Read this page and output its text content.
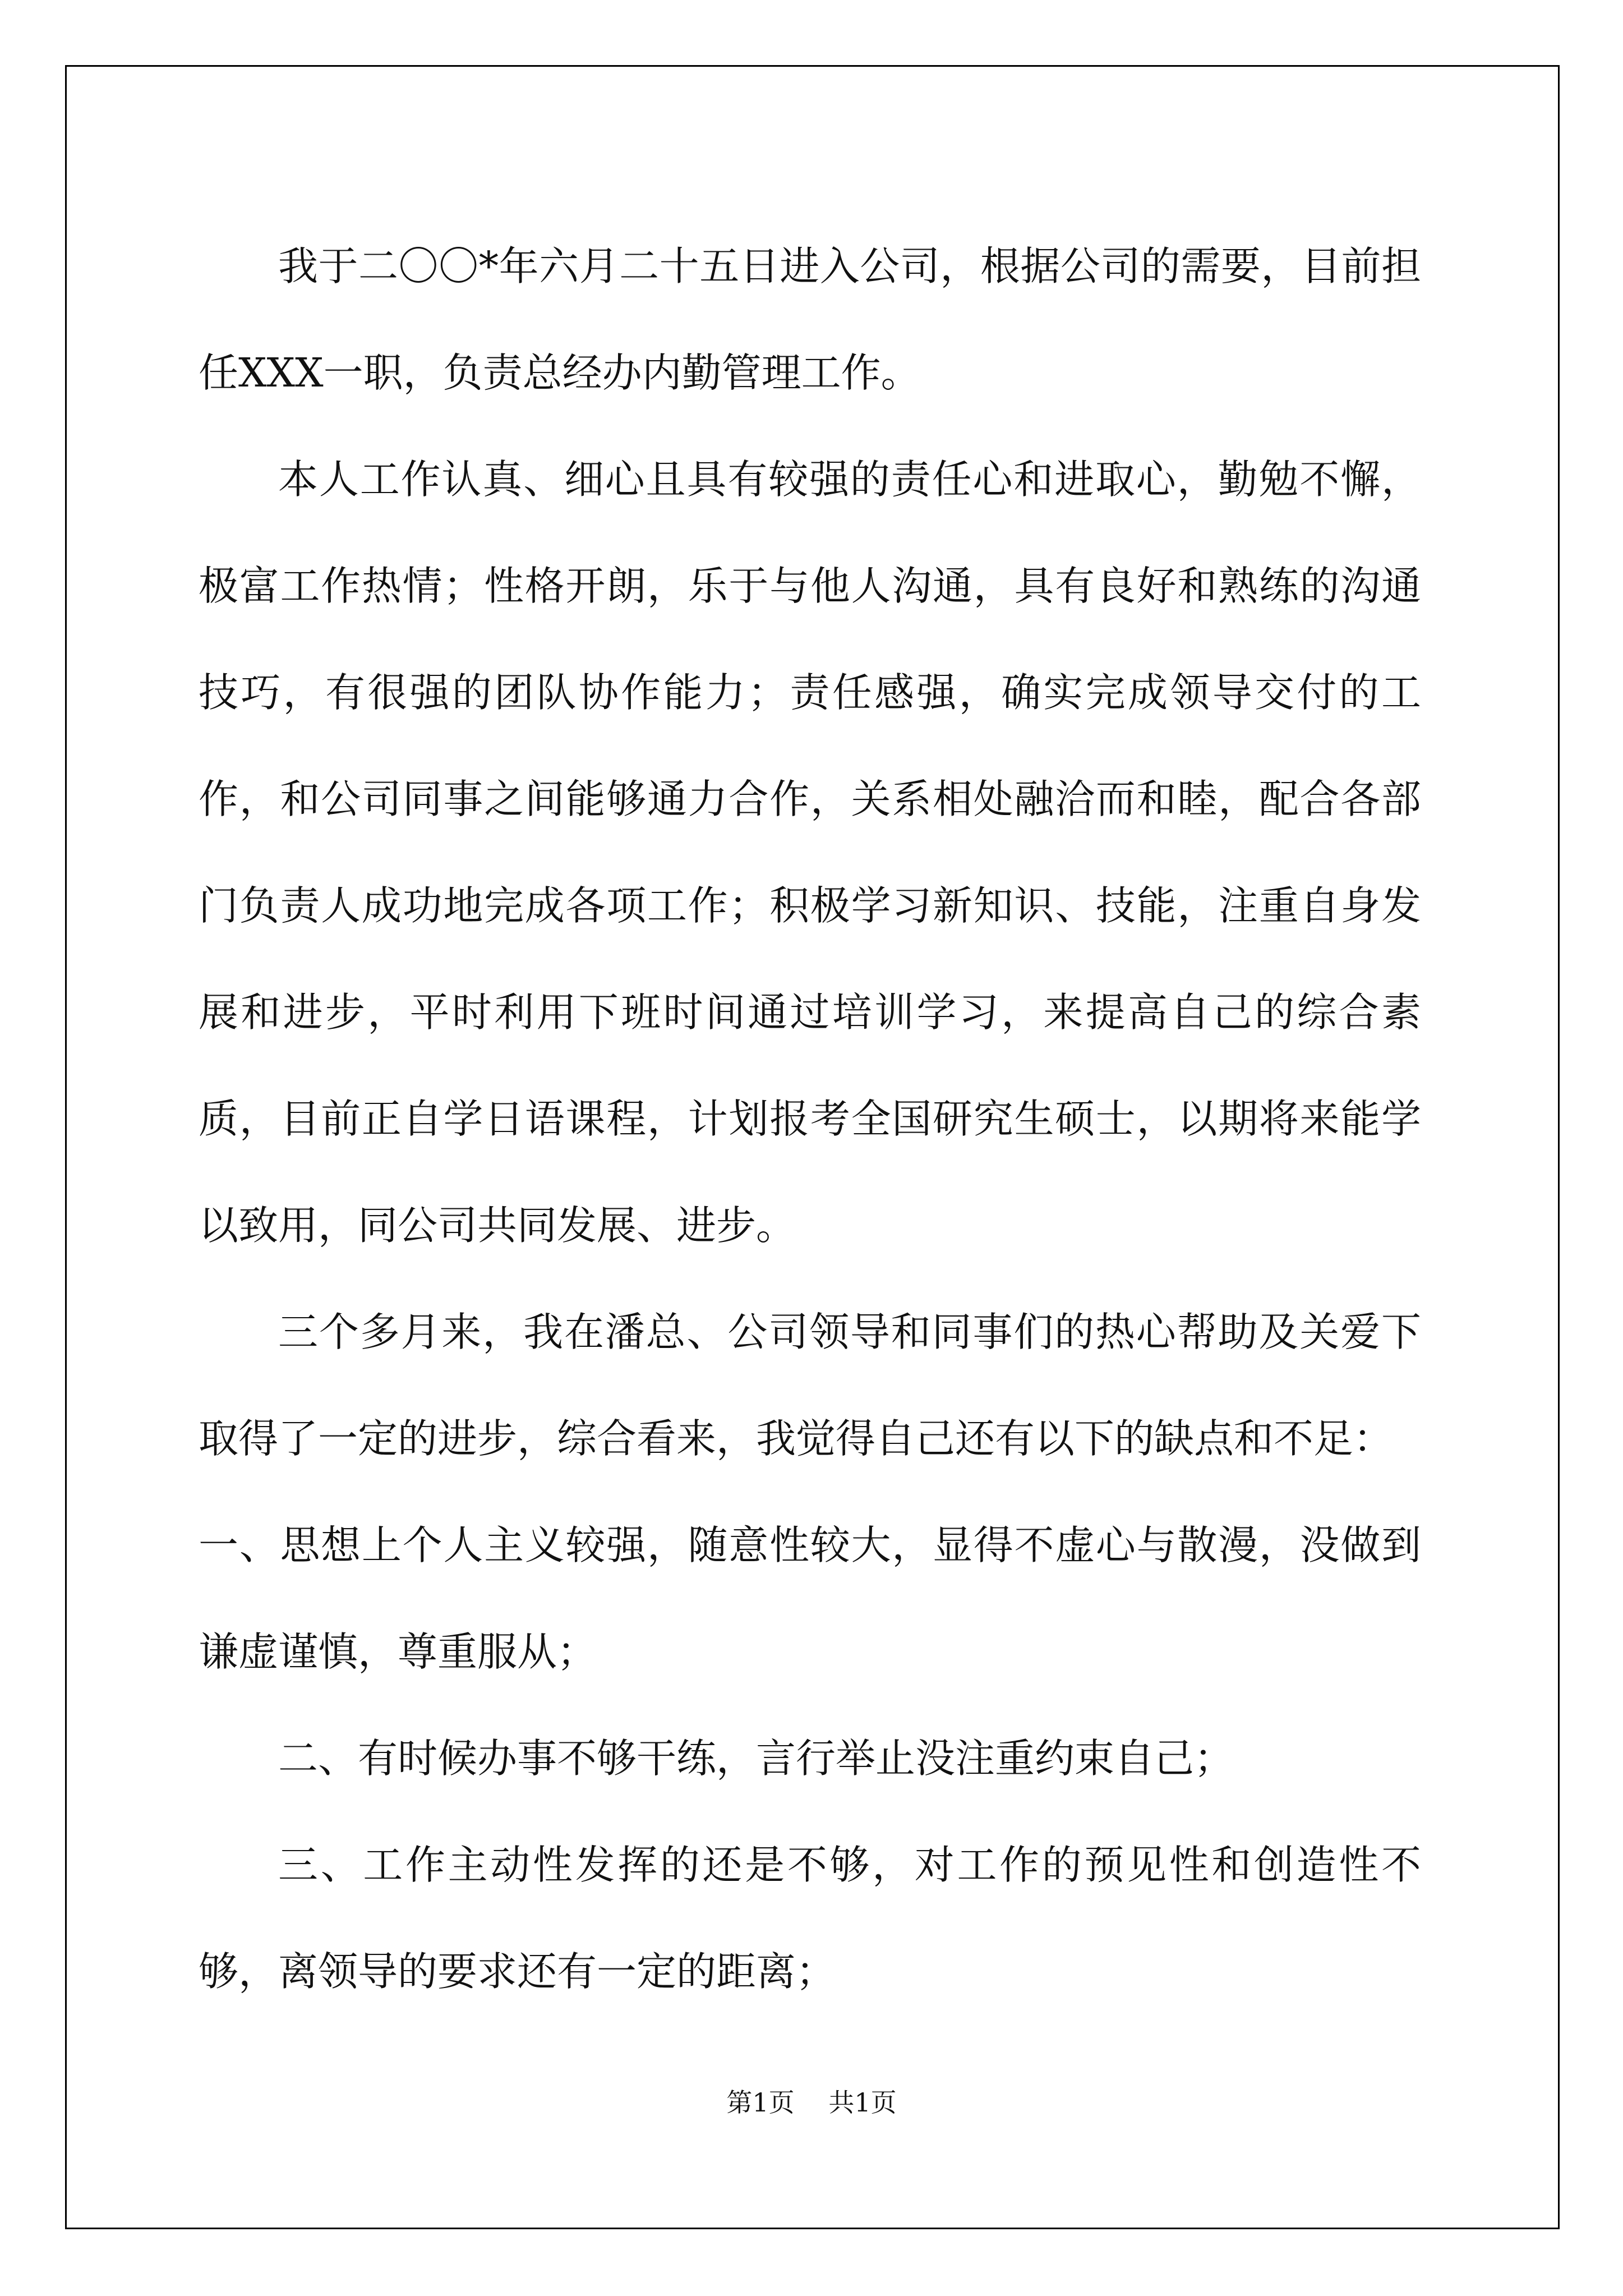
我于二〇〇*年六月二十五日进入公司，根据公司的需要，目前担任XXX一职，负责总经办内勤管理工作。

本人工作认真、细心且具有较强的责任心和进取心，勤勉不懈，极富工作热情；性格开朗，乐于与他人沟通，具有良好和熟练的沟通技巧，有很强的团队协作能力；责任感强，确实完成领导交付的工作，和公司同事之间能够通力合作，关系相处融洽而和睦，配合各部门负责人成功地完成各项工作；积极学习新知识、技能，注重自身发展和进步，平时利用下班时间通过培训学习，来提高自己的综合素质，目前正自学日语课程，计划报考全国研究生硕士，以期将来能学以致用，同公司共同发展、进步。

三个多月来，我在潘总、公司领导和同事们的热心帮助及关爱下取得了一定的进步，综合看来，我觉得自己还有以下的缺点和不足：

一、思想上个人主义较强，随意性较大，显得不虚心与散漫，没做到谦虚谨慎，尊重服从；

二、有时候办事不够干练，言行举止没注重约束自己；

三、工作主动性发挥的还是不够，对工作的预见性和创造性不够，离领导的要求还有一定的距离；

第1页 共1页
